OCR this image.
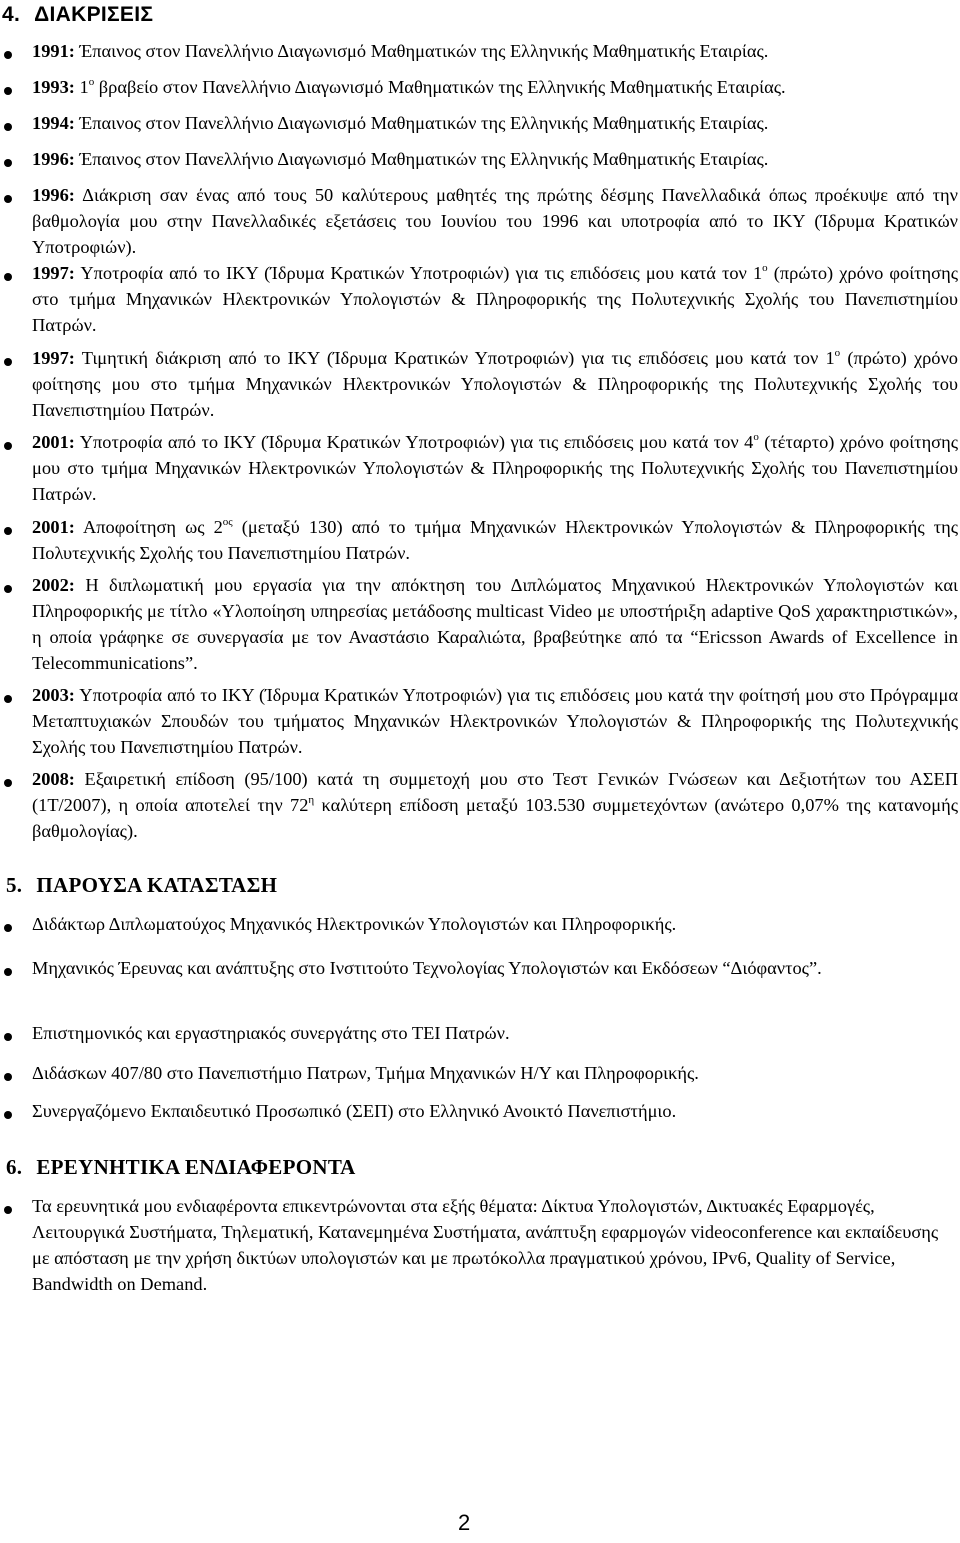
4. ΔΙΑΚΡΙΣΕΙΣ
1991: Έπαινος στον Πανελλήνιο Διαγωνισμό Μαθηματικών της Ελληνικής Μαθηματικής Εταιρίας.
1993: $1^o$ βραβείο στον Πανελλήνιο Διαγωνισμό Μαθηματικών της Ελληνικής Μαθηματικής Εταιρίας.
1994: Έπαινος στον Πανελλήνιο Διαγωνισμό Μαθηματικών της Ελληνικής Μαθηματικής Εταιρίας.
1996: Έπαινος στον Πανελλήνιο Διαγωνισμό Μαθηματικών της Ελληνικής Μαθηματικής Εταιρίας.
1996: Διάκριση σαν ένας από τους 50 καλύτερους μαθητές της πρώτης δέσμης Πανελλαδικά όπως προέκυψε από την βαθμολογία μου στην Πανελλαδικές εξετάσεις του Ιουνίου του 1996 και υποτροφία από το ΙΚΥ (Ίδρυμα Κρατικών Υποτροφιών).
1997: Υποτροφία από το ΙΚΥ (Ίδρυμα Κρατικών Υποτροφιών) για τις επιδόσεις μου κατά τον $1^o$ (πρώτο) χρόνο φοίτησης στο τμήμα Μηχανικών Ηλεκτρονικών Υπολογιστών & Πληροφορικής της Πολυτεχνικής Σχολής του Πανεπιστημίου Πατρών.
1997: Τιμητική διάκριση από το ΙΚΥ (Ίδρυμα Κρατικών Υποτροφιών) για τις επιδόσεις μου κατά τον $1^o$ (πρώτο) χρόνο φοίτησης μου στο τμήμα Μηχανικών Ηλεκτρονικών Υπολογιστών & Πληροφορικής της Πολυτεχνικής Σχολής του Πανεπιστημίου Πατρών.
2001: Υποτροφία από το ΙΚΥ (Ίδρυμα Κρατικών Υποτροφιών) για τις επιδόσεις μου κατά τον $4^o$ (τέταρτο) χρόνο φοίτησης μου στο τμήμα Μηχανικών Ηλεκτρονικών Υπολογιστών & Πληροφορικής της Πολυτεχνικής Σχολής του Πανεπιστημίου Πατρών.
2001: Αποφοίτηση ως $2^{o\varsigma}$ (μεταξύ 130) από το τμήμα Μηχανικών Ηλεκτρονικών Υπολογιστών & Πληροφορικής της Πολυτεχνικής Σχολής του Πανεπιστημίου Πατρών.
2002: Η διπλωματική μου εργασία για την απόκτηση του Διπλώματος Μηχανικού Ηλεκτρονικών Υπολογιστών και Πληροφορικής με τίτλο «Υλοποίηση υπηρεσίας μετάδοσης multicast Video με υποστήριξη adaptive QoS χαρακτηριστικών», η οποία γράφηκε σε συνεργασία με τον Αναστάσιο Καραλιώτα, βραβεύτηκε από τα “Ericsson Awards of Excellence in Telecommunications”.
2003: Υποτροφία από το ΙΚΥ (Ίδρυμα Κρατικών Υποτροφιών) για τις επιδόσεις μου κατά την φοίτησή μου στο Πρόγραμμα Μεταπτυχιακών Σπουδών του τμήματος Μηχανικών Ηλεκτρονικών Υπολογιστών & Πληροφορικής της Πολυτεχνικής Σχολής του Πανεπιστημίου Πατρών.
2008: Εξαιρετική επίδοση (95/100) κατά τη συμμετοχή μου στο Τεστ Γενικών Γνώσεων και Δεξιοτήτων του ΑΣΕΠ (1Τ/2007), η οποία αποτελεί την $72^\eta$ καλύτερη επίδοση μεταξύ 103.530 συμμετεχόντων (ανώτερο 0,07% της κατανομής βαθμολογίας).
5. ΠΑΡΟΥΣΑ ΚΑΤΑΣΤΑΣΗ
Διδάκτωρ Διπλωματούχος Μηχανικός Ηλεκτρονικών Υπολογιστών και Πληροφορικής.
Μηχανικός Έρευνας και ανάπτυξης στο Ινστιτούτο Τεχνολογίας Υπολογιστών και Εκδόσεων “Διόφαντος”.
Επιστημονικός και εργαστηριακός συνεργάτης στο ΤΕΙ Πατρών.
Διδάσκων 407/80 στο Πανεπιστήμιο Πατρων, Τμήμα Μηχανικών Η/Υ και Πληροφορικής.
Συνεργαζόμενο Εκπαιδευτικό Προσωπικό (ΣΕΠ) στο Ελληνικό Ανοικτό Πανεπιστήμιο.
6. ΕΡΕΥΝΗΤΙΚΑ ΕΝΔΙΑΦΕΡΟΝΤΑ
Τα ερευνητικά μου ενδιαφέροντα επικεντρώνονται στα εξής θέματα: Δίκτυα Υπολογιστών, Δικτυακές Εφαρμογές, Λειτουργικά Συστήματα, Τηλεματική, Κατανεμημένα Συστήματα, ανάπτυξη εφαρμογών videoconference και εκπαίδευσης με απόσταση με την χρήση δικτύων υπολογιστών και με πρωτόκολλα πραγματικού χρόνου, IPv6, Quality of Service, Bandwidth on Demand.
2
